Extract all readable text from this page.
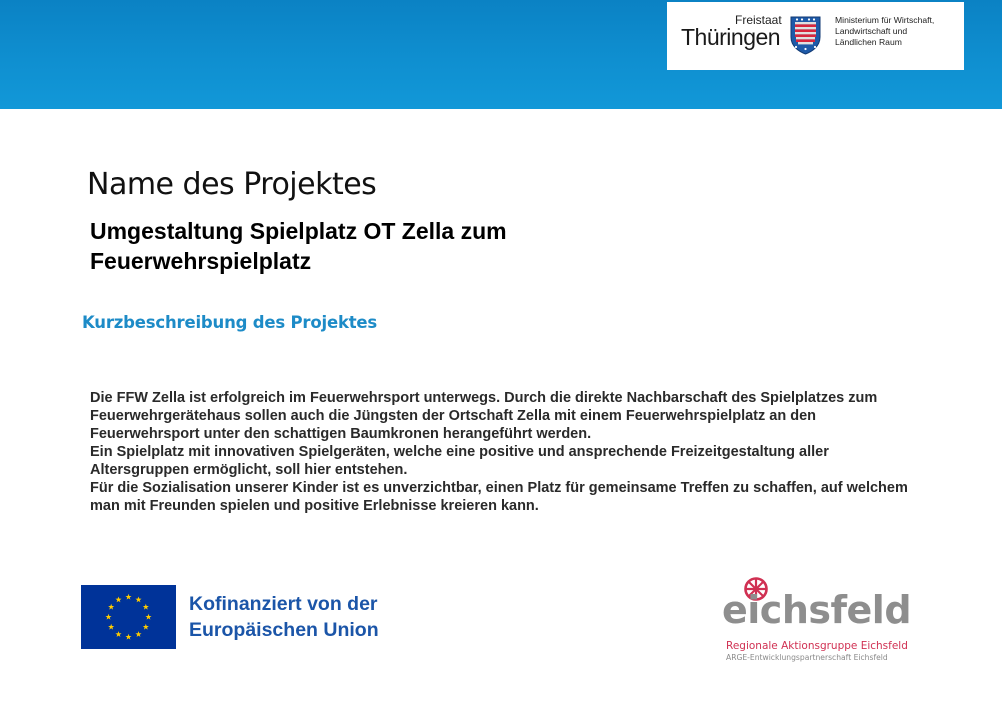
Freistaat
Thüringen
Ministerium für Wirtschaft,
Landwirtschaft und
Ländlichen Raum
Name des Projektes
Umgestaltung Spielplatz OT Zella zum Feuerwehrspielplatz
Kurzbeschreibung des Projektes

Die FFW Zella ist erfolgreich im Feuerwehrsport unterwegs. Durch die direkte Nachbarschaft des Spielplatzes zum Feuerwehrgerätehaus sollen auch die Jüngsten der Ortschaft Zella mit einem Feuerwehrspielplatz an den Feuerwehrsport unter den schattigen Baumkronen herangeführt werden.

Ein Spielplatz mit innovativen Spielgeräten, welche eine positive und ansprechende Freizeitgestaltung aller Altersgruppen ermöglicht, soll hier entstehen.

Für die Sozialisation unserer Kinder ist es unverzichtbar, einen Platz für gemeinsame Treffen zu schaffen, auf welchem man mit Freunden spielen und positive Erlebnisse kreieren kann.

Kofinanziert von der
Europäischen Union	eichsfeld
Regionale Aktionsgruppe Eichsfeld
ARGE-Entwicklungspartnerschaft Eichsfeld
